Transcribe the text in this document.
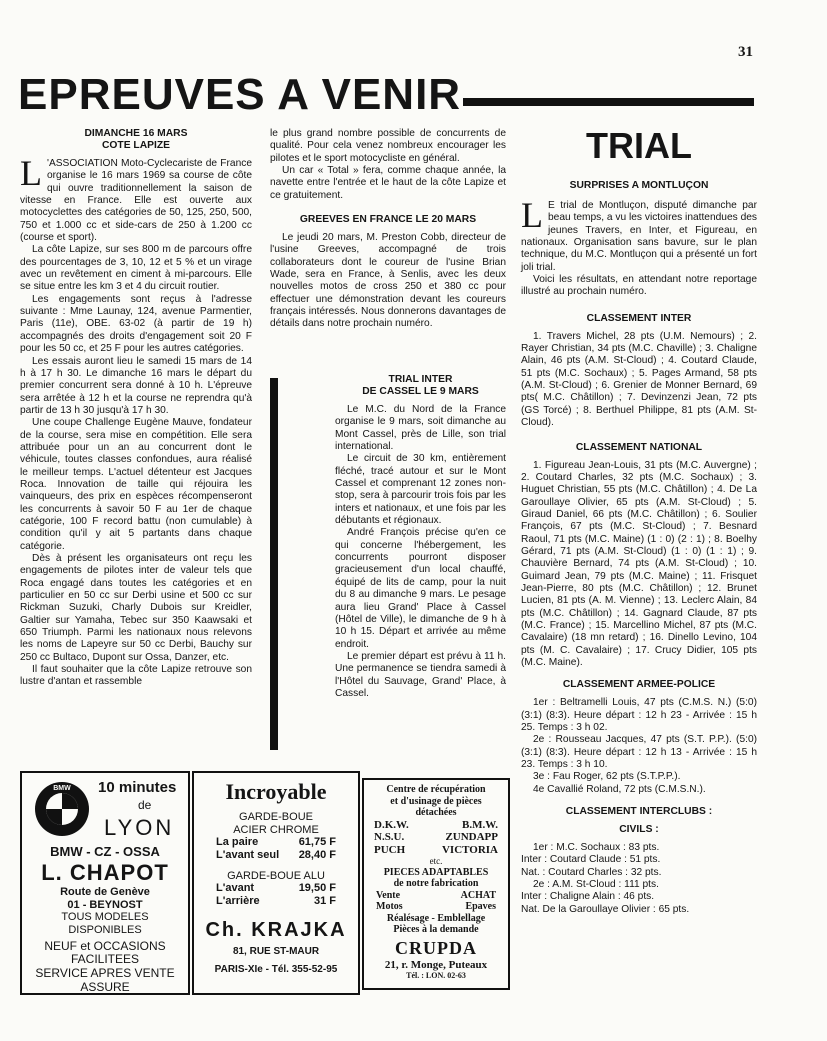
31
EPREUVES A VENIR
DIMANCHE 16 MARS
COTE LAPIZE

L 'ASSOCIATION Moto-Cyclecariste de France organise le 16 mars 1969 sa course de côte qui ouvre traditionnellement la saison de vitesse en France. Elle est ouverte aux motocyclettes des catégories de 50, 125, 250, 500, 750 et 1.000 cc et side-cars de 250 à 1.200 cc (course et sport).

La côte Lapize, sur ses 800 m de parcours offre des pourcentages de 3, 10, 12 et 5 % et un virage avec un revêtement en ciment à mi-parcours. Elle se situe entre les km 3 et 4 du circuit routier.

Les engagements sont reçus à l'adresse suivante : Mme Launay, 124, avenue Parmentier, Paris (11e), OBE. 63-02 (à partir de 19 h) accompagnés des droits d'engagement soit 20 F pour les 50 cc, et 25 F pour les autres catégories.

Les essais auront lieu le samedi 15 mars de 14 h à 17 h 30. Le dimanche 16 mars le départ du premier concurrent sera donné à 10 h. L'épreuve sera arrêtée à 12 h et la course ne reprendra qu'à partir de 13 h 30 jusqu'à 17 h 30.

Une coupe Challenge Eugène Mauve, fondateur de la course, sera mise en compétition. Elle sera attribuée pour un an au concurrent dont le véhicule, toutes classes confondues, aura réalisé le meilleur temps. L'actuel détenteur est Jacques Roca. Innovation de taille qui réjouira les vainqueurs, des prix en espèces récompenseront les concurrents à savoir 50 F au 1er de chaque catégorie, 100 F record battu (non cumulable) à condition qu'il y ait 5 partants dans chaque catégorie.

Dès à présent les organisateurs ont reçu les engagements de pilotes inter de valeur tels que Roca engagé dans toutes les catégories et en particulier en 50 cc sur Derbi usine et 500 cc sur Rickman Suzuki, Charly Dubois sur Kreidler, Galtier sur Yamaha, Tebec sur 350 Kaawsaki et 650 Triumph. Parmi les nationaux nous relevons les noms de Lapeyre sur 50 cc Derbi, Bauchy sur 250 cc Bultaco, Dupont sur Ossa, Danzer, etc.

Il faut souhaiter que la côte Lapize retrouve son lustre d'antan et rassemble

le plus grand nombre possible de concurrents de qualité. Pour cela venez nombreux encourager les pilotes et le sport motocycliste en général.

Un car « Total » fera, comme chaque année, la navette entre l'entrée et le haut de la côte Lapize et ce gratuitement.

GREEVES EN FRANCE LE 20 MARS

Le jeudi 20 mars, M. Preston Cobb, directeur de l'usine Greeves, accompagné de trois collaborateurs dont le coureur de l'usine Brian Wade, sera en France, à Senlis, avec les deux nouvelles motos de cross 250 et 380 cc pour effectuer une démonstration devant les coureurs français intéressés. Nous donnerons davantages de détails dans notre prochain numéro.

TRIAL INTER
DE CASSEL LE 9 MARS

Le M.C. du Nord de la France organise le 9 mars, soit dimanche au Mont Cassel, près de Lille, son trial international.

Le circuit de 30 km, entièrement fléché, tracé autour et sur le Mont Cassel et comprenant 12 zones non-stop, sera à parcourir trois fois par les inters et nationaux, et une fois par les débutants et régionaux.

André François précise qu'en ce qui concerne l'hébergement, les concurrents pourront disposer gracieusement d'un local chauffé, équipé de lits de camp, pour la nuit du 8 au dimanche 9 mars. Le pesage aura lieu Grand' Place à Cassel (Hôtel de Ville), le dimanche de 9 h à 10 h 15. Départ et arrivée au même endroit.

Le premier départ est prévu à 11 h. Une permanence se tiendra samedi à l'Hôtel du Sauvage, Grand' Place, à Cassel.

TRIAL
SURPRISES A MONTLUÇON

L E trial de Montluçon, disputé dimanche par beau temps, a vu les victoires inattendues des jeunes Travers, en Inter, et Figureau, en nationaux. Organisation sans bavure, sur le plan technique, du M.C. Montluçon qui a présenté un fort joli trial.

Voici les résultats, en attendant notre reportage illustré au prochain numéro.

CLASSEMENT INTER

1. Travers Michel, 28 pts (U.M. Nemours) ; 2. Rayer Christian, 34 pts (M.C. Chaville) ; 3. Chaligne Alain, 46 pts (A.M. St-Cloud) ; 4. Coutard Claude, 51 pts (M.C. Sochaux) ; 5. Pages Armand, 58 pts (A.M. St-Cloud) ; 6. Grenier de Monner Bernard, 69 pts( M.C. Châtillon) ; 7. Devinzenzi Jean, 72 pts (GS Torcé) ; 8. Berthuel Philippe, 81 pts (A.M. St-Cloud).

CLASSEMENT NATIONAL

1. Figureau Jean-Louis, 31 pts (M.C. Auvergne) ; 2. Coutard Charles, 32 pts (M.C. Sochaux) ; 3. Huguet Christian, 55 pts (M.C. Châtillon) ; 4. De La Garoullaye Olivier, 65 pts (A.M. St-Cloud) ; 5. Giraud Daniel, 66 pts (M.C. Châtillon) ; 6. Soulier François, 67 pts (M.C. St-Cloud) ; 7. Besnard Raoul, 71 pts (M.C. Maine) (1 : 0) (2 : 1) ; 8. Boelhy Gérard, 71 pts (A.M. St-Cloud) (1 : 0) (1 : 1) ; 9. Chauvière Bernard, 74 pts (A.M. St-Cloud) ; 10. Guimard Jean, 79 pts (M.C. Maine) ; 11. Frisquet Jean-Pierre, 80 pts (M.C. Châtillon) ; 12. Brunet Lucien, 81 pts (A. M. Vienne) ; 13. Leclerc Alain, 84 pts (M.C. Châtillon) ; 14. Gagnard Claude, 87 pts (M.C. France) ; 15. Marcellino Michel, 87 pts (M.C. Cavalaire) (18 mn retard) ; 16. Dinello Levino, 104 pts (M. C. Cavalaire) ; 17. Crucy Didier, 105 pts (M.C. Maine).

CLASSEMENT ARMEE-POLICE

1er : Beltramelli Louis, 47 pts (C.M.S. N.) (5:0) (3:1) (8:3). Heure départ : 12 h 23 - Arrivée : 15 h 25. Temps : 3 h 02.

2e : Rousseau Jacques, 47 pts (S.T. P.P.). (5:0) (3:1) (8:3). Heure départ : 12 h 13 - Arrivée : 15 h 23. Temps : 3 h 10.

3e : Fau Roger, 62 pts (S.T.P.P.).

4e Cavallié Roland, 72 pts (C.M.S.N.).

CLASSEMENT INTERCLUBS :
CIVILS :

1er : M.C. Sochaux : 83 pts.

Inter : Coutard Claude : 51 pts.

Nat. : Coutard Charles : 32 pts.

2e : A.M. St-Cloud : 111 pts.

Inter : Chaligne Alain : 46 pts.

Nat. De la Garoullaye Olivier : 65 pts.

BMW 10 minutes
de
LYON
BMW - CZ - OSSA
L. CHAPOT
Route de Genève
01 - BEYNOST
TOUS MODELES
DISPONIBLES
NEUF et OCCASIONS
FACILITEES
SERVICE APRES VENTE
ASSURE
Incroyable
GARDE-BOUE
ACIER CHROME
La paire	61,75 F
L'avant seul 28,40 F
GARDE-BOUE ALU
L'avant	19,50 F
L'arrière	31 F
Ch. KRAJKA
81, RUE ST-MAUR
PARIS-XIe - Tél. 355-52-95
Centre de récupération
et d'usinage de pièces
détachées
D.K.W.	B.M.W.
N.S.U.	ZUNDAPP
PUCH	VICTORIA
etc.
PIECES ADAPTABLES
de notre fabrication
Vente	ACHAT
Motos	Epaves
Réalésage - Emblellage
Pièces à la demande
CRUPDA
21, r. Monge, Puteaux
Tél. : LON. 02-63
